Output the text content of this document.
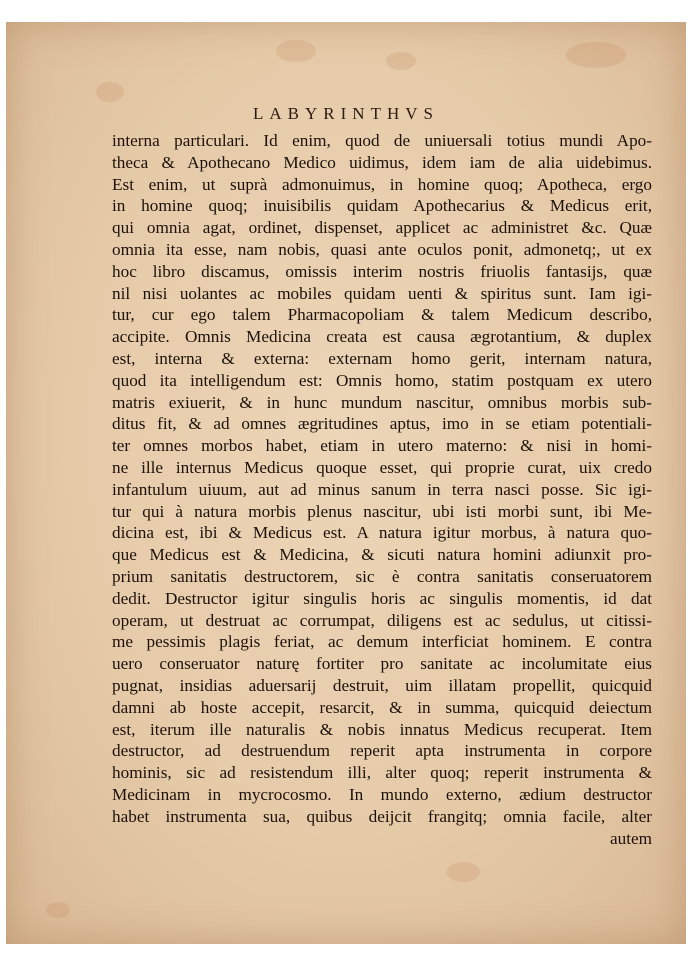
LABYRINTHVS
interna particulari. Id enim, quod de uniuersali totius mundi Apo-
theca & Apothecano Medico uidimus, idem iam de alia uidebimus.
Est enim, ut suprà admonuimus, in homine quoq; Apotheca, ergo
in homine quoq; inuisibilis quidam Apothecarius & Medicus erit,
qui omnia agat, ordinet, dispenset, applicet ac administret &c. Quæ
omnia ita esse, nam nobis, quasi ante oculos ponit, admonetq;, ut ex
hoc libro discamus, omissis interim nostris friuolis fantasijs, quæ
nil nisi uolantes ac mobiles quidam uenti & spiritus sunt. Iam igi-
tur, cur ego talem Pharmacopoliam & talem Medicum describo,
accipite. Omnis Medicina creata est causa ægrotantium, & duplex
est, interna & externa: externam homo gerit, internam natura,
quod ita intelligendum est: Omnis homo, statim postquam ex utero
matris exiuerit, & in hunc mundum nascitur, omnibus morbis sub-
ditus fit, & ad omnes ægritudines aptus, imo in se etiam potentiali-
ter omnes morbos habet, etiam in utero materno: & nisi in homi-
ne ille internus Medicus quoque esset, qui proprie curat, uix credo
infantulum uiuum, aut ad minus sanum in terra nasci posse. Sic igi-
tur qui à natura morbis plenus nascitur, ubi isti morbi sunt, ibi Me-
dicina est, ibi & Medicus est. A natura igitur morbus, à natura quo-
que Medicus est & Medicina, & sicuti natura homini adiunxit pro-
prium sanitatis destructorem, sic è contra sanitatis conseruatorem
dedit. Destructor igitur singulis horis ac singulis momentis, id dat
operam, ut destruat ac corrumpat, diligens est ac sedulus, ut citissi-
me pessimis plagis feriat, ac demum interficiat hominem. E contra
uero conseruator naturę fortiter pro sanitate ac incolumitate eius
pugnat, insidias aduersarij destruit, uim illatam propellit, quicquid
damni ab hoste accepit, resarcit, & in summa, quicquid deiectum
est, iterum ille naturalis & nobis innatus Medicus recuperat. Item
destructor, ad destruendum reperit apta instrumenta in corpore
hominis, sic ad resistendum illi, alter quoq; reperit instrumenta &
Medicinam in mycrocosmo. In mundo externo, ædium destructor
habet instrumenta sua, quibus deijcit frangitq; omnia facile, alter
autem
